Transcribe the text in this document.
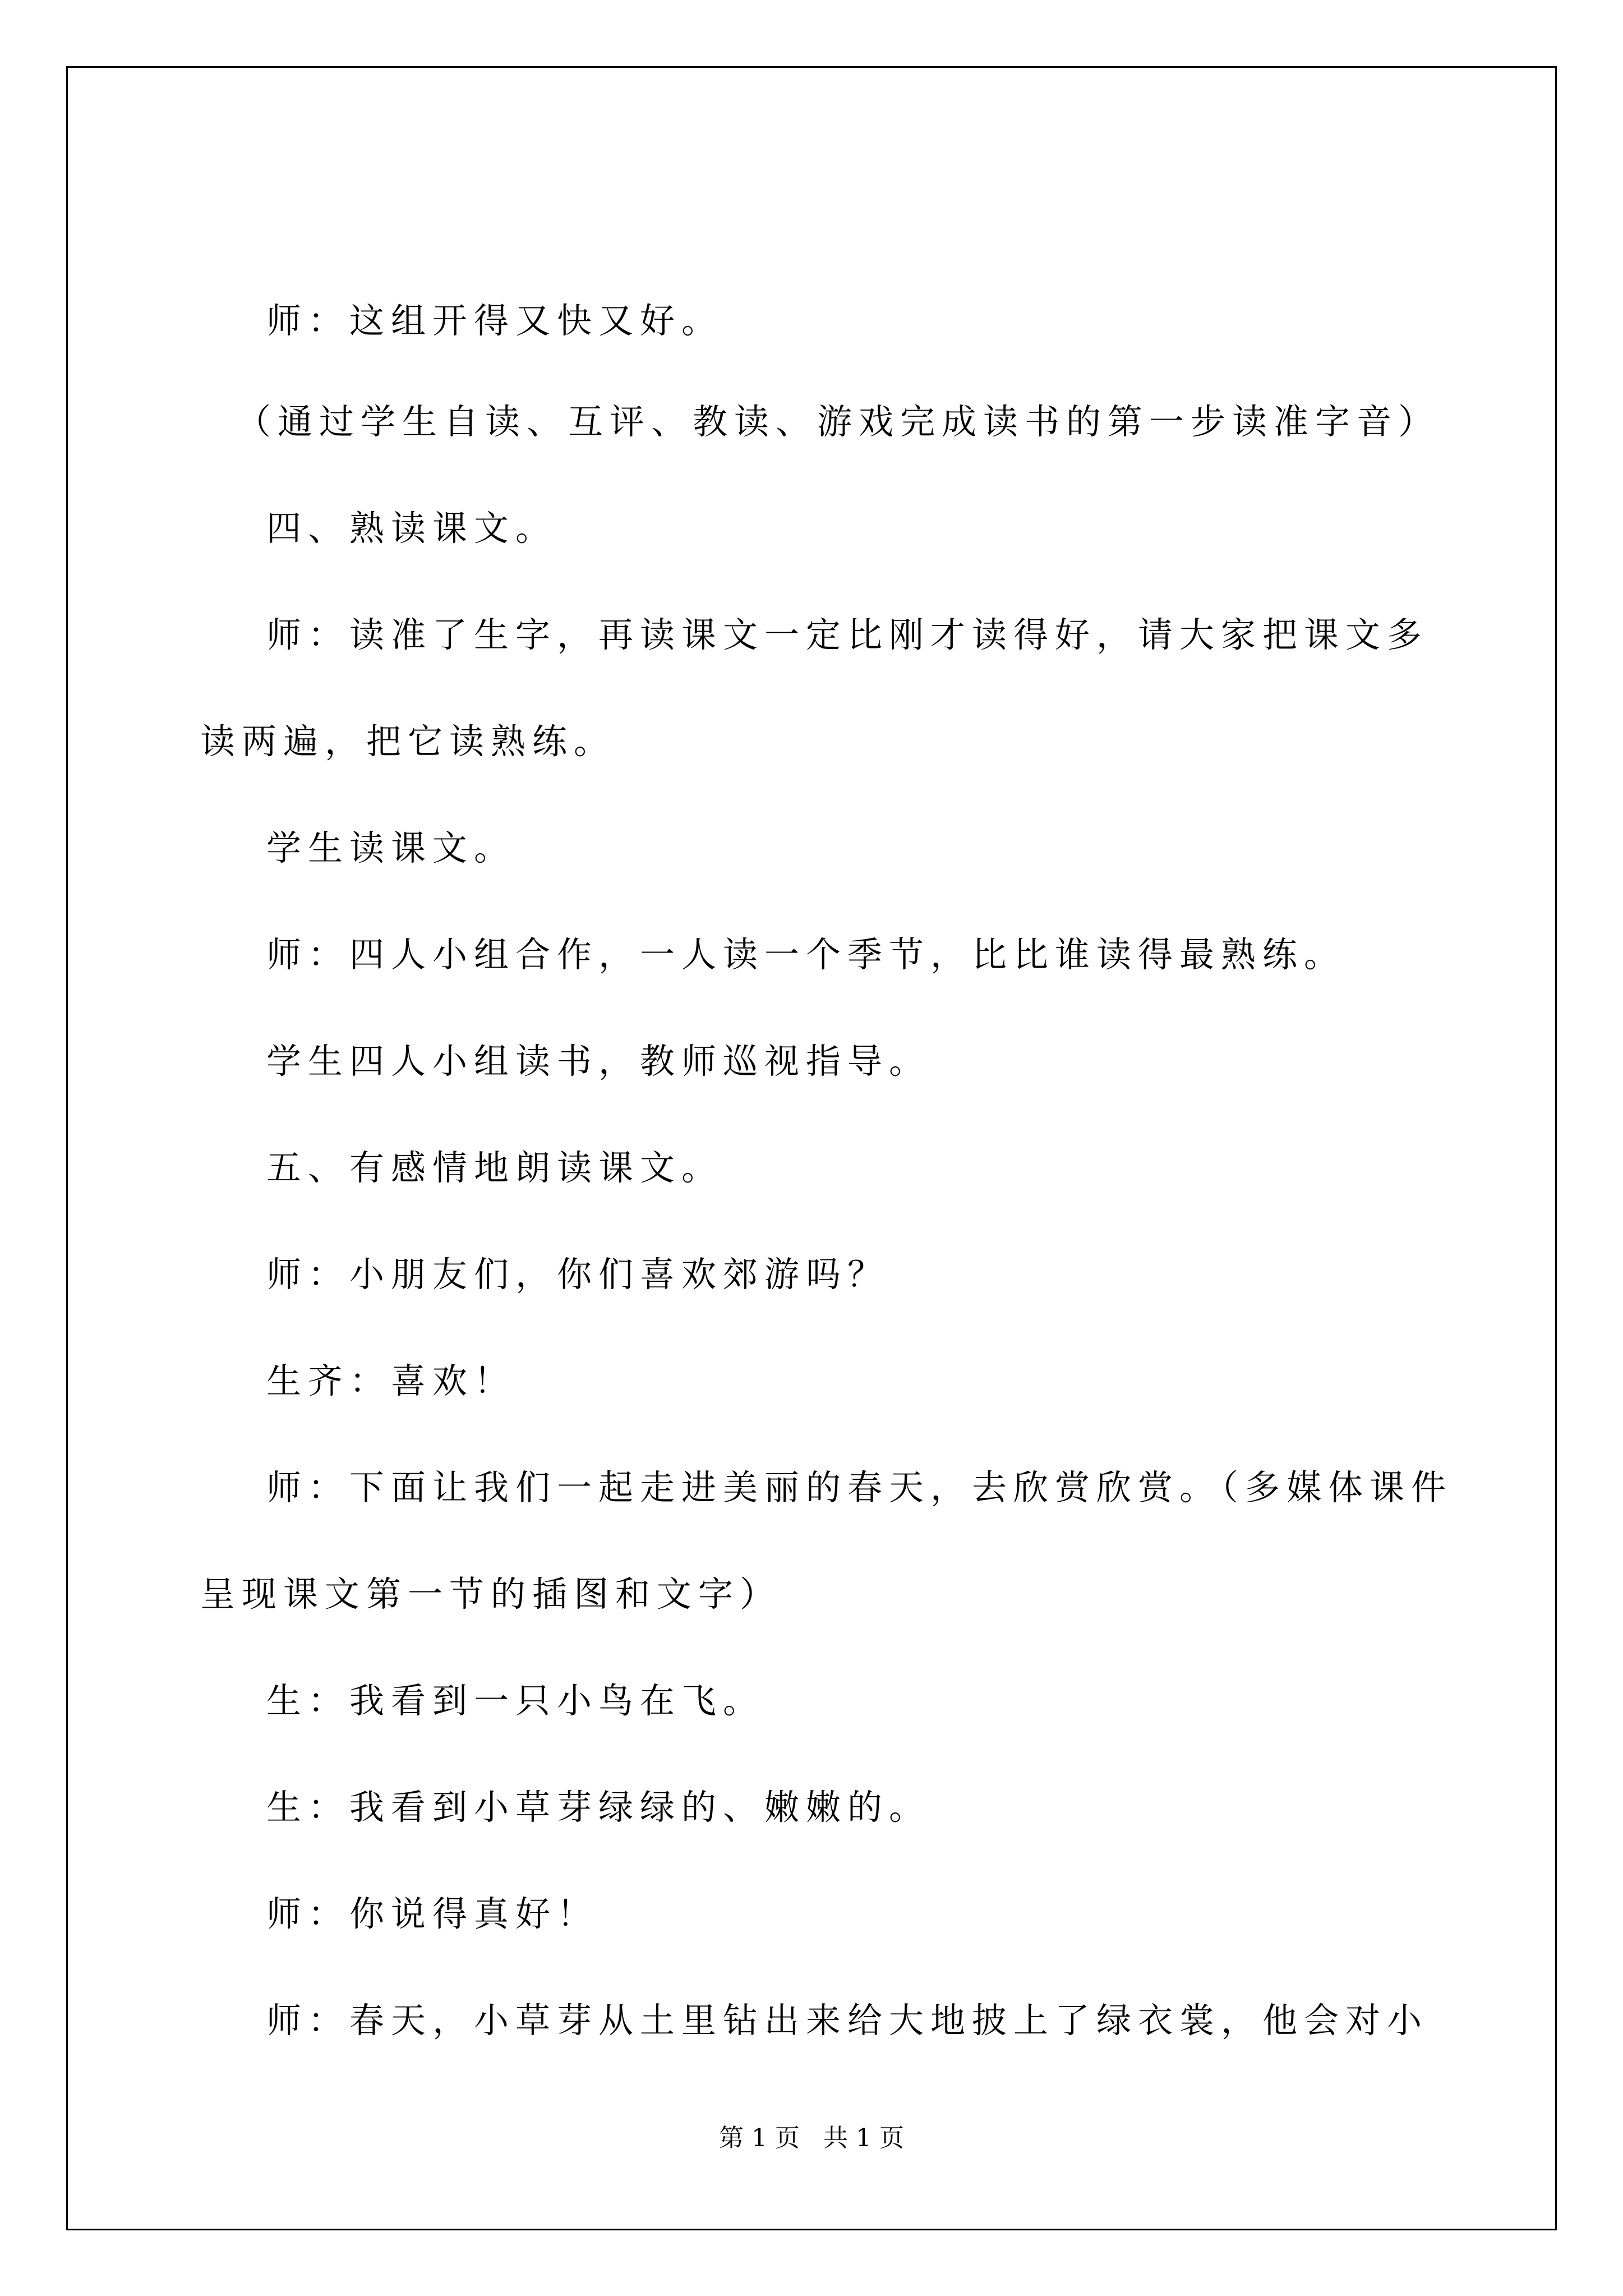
师：这组开得又快又好。
（通过学生自读、互评、教读、游戏完成读书的第一步读准字音）
四、熟读课文。
师：读准了生字，再读课文一定比刚才读得好，请大家把课文多
读两遍，把它读熟练。
学生读课文。
师：四人小组合作，一人读一个季节，比比谁读得最熟练。
学生四人小组读书，教师巡视指导。
五、有感情地朗读课文。
师：小朋友们，你们喜欢郊游吗？
生齐：喜欢！
师：下面让我们一起走进美丽的春天，去欣赏欣赏。（多媒体课件
呈现课文第一节的插图和文字）
生：我看到一只小鸟在飞。
生：我看到小草芽绿绿的、嫩嫩的。
师：你说得真好！
师：春天，小草芽从土里钻出来给大地披上了绿衣裳，他会对小
第 1 页   共 1 页
